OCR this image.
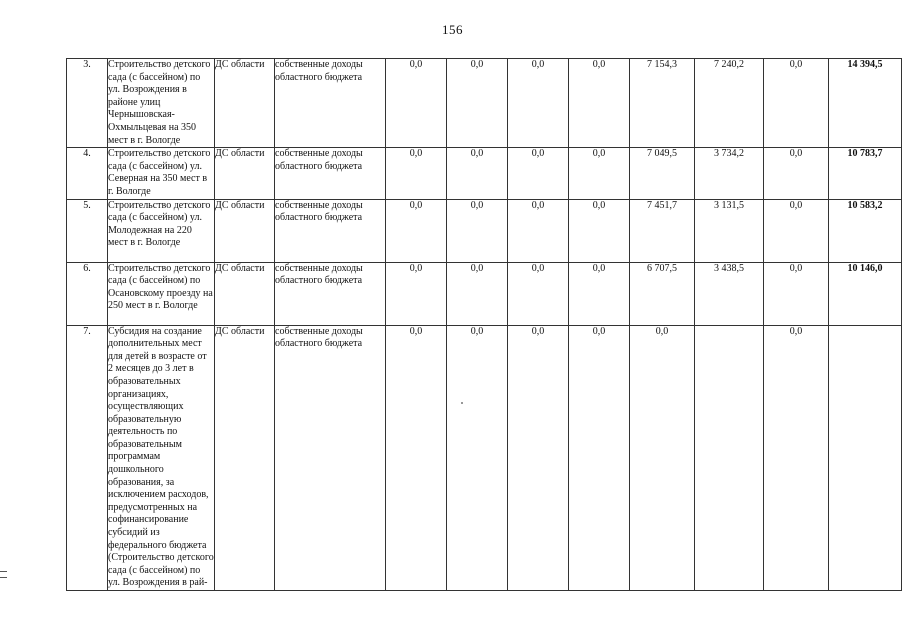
156
3.	Строительство детского сада (с бассейном) по ул. Возрождения в районе улиц Чернышовская-Охмыльцевая на 350 мест в г. Вологде	ДС области	собственные доходы областного бюджета	0,0	0,0	0,0	0,0	7 154,3	7 240,2	0,0	14 394,5
4.	Строительство детского сада (с бассейном) ул. Северная на 350 мест в г. Вологде	ДС области	собственные доходы областного бюджета	0,0	0,0	0,0	0,0	7 049,5	3 734,2	0,0	10 783,7
5.	Строительство детского сада (с бассейном) ул. Молодежная на 220 мест в г. Вологде	ДС области	собственные доходы областного бюджета	0,0	0,0	0,0	0,0	7 451,7	3 131,5	0,0	10 583,2
6.	Строительство детского сада (с бассейном) по Осановскому проезду на 250 мест в г. Вологде	ДС области	собственные доходы областного бюджета	0,0	0,0	0,0	0,0	6 707,5	3 438,5	0,0	10 146,0
7.	Субсидия на создание дополнительных мест для детей в возрасте от 2 месяцев до 3 лет в образовательных организациях, осуществляющих образовательную деятельность по образовательным программам дошкольного образования, за исключением расходов, предусмотренных на софинансирование субсидий из федерального бюджета (Строительство детского сада (с бассейном) по ул. Возрождения в рай-	ДС области	собственные доходы областного бюджета	0,0	0,0	0,0	0,0	0,0		0,0	
